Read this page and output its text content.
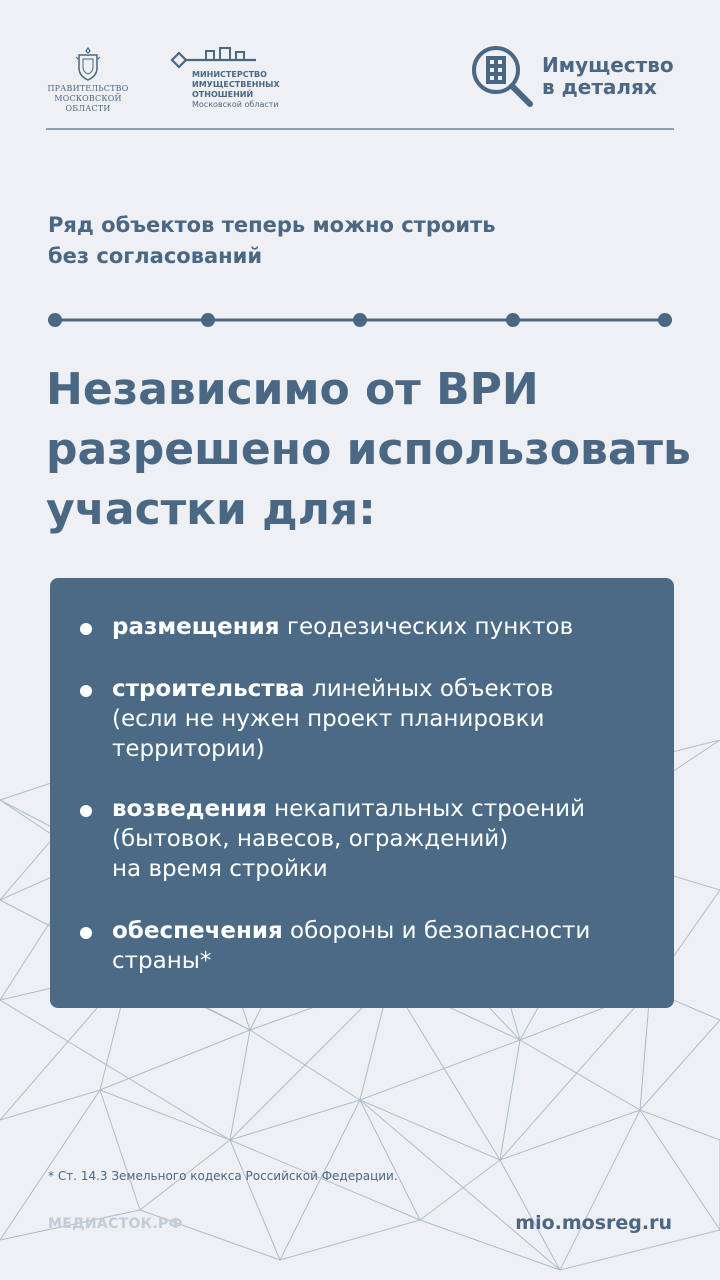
ПРАВИТЕЛЬСТВО
МОСКОВСКОЙ
ОБЛАСТИ
МИНИСТЕРСТВО
ИМУЩЕСТВЕННЫХ
ОТНОШЕНИЙ
Московской области
Имущество
в деталях
Ряд объектов теперь можно строить
без согласований
Независимо от ВРИ
разрешено использовать
участки для:
размещения геодезических пунктов
строительства линейных объектов
(если не нужен проект планировки
территории)
возведения некапитальных строений
(бытовок, навесов, ограждений)
на время стройки
обеспечения обороны и безопасности
страны*
* Ст. 14.3 Земельного кодекса Российской Федерации.
МЕДИАСТОК.РФ	mio.mosreg.ru
